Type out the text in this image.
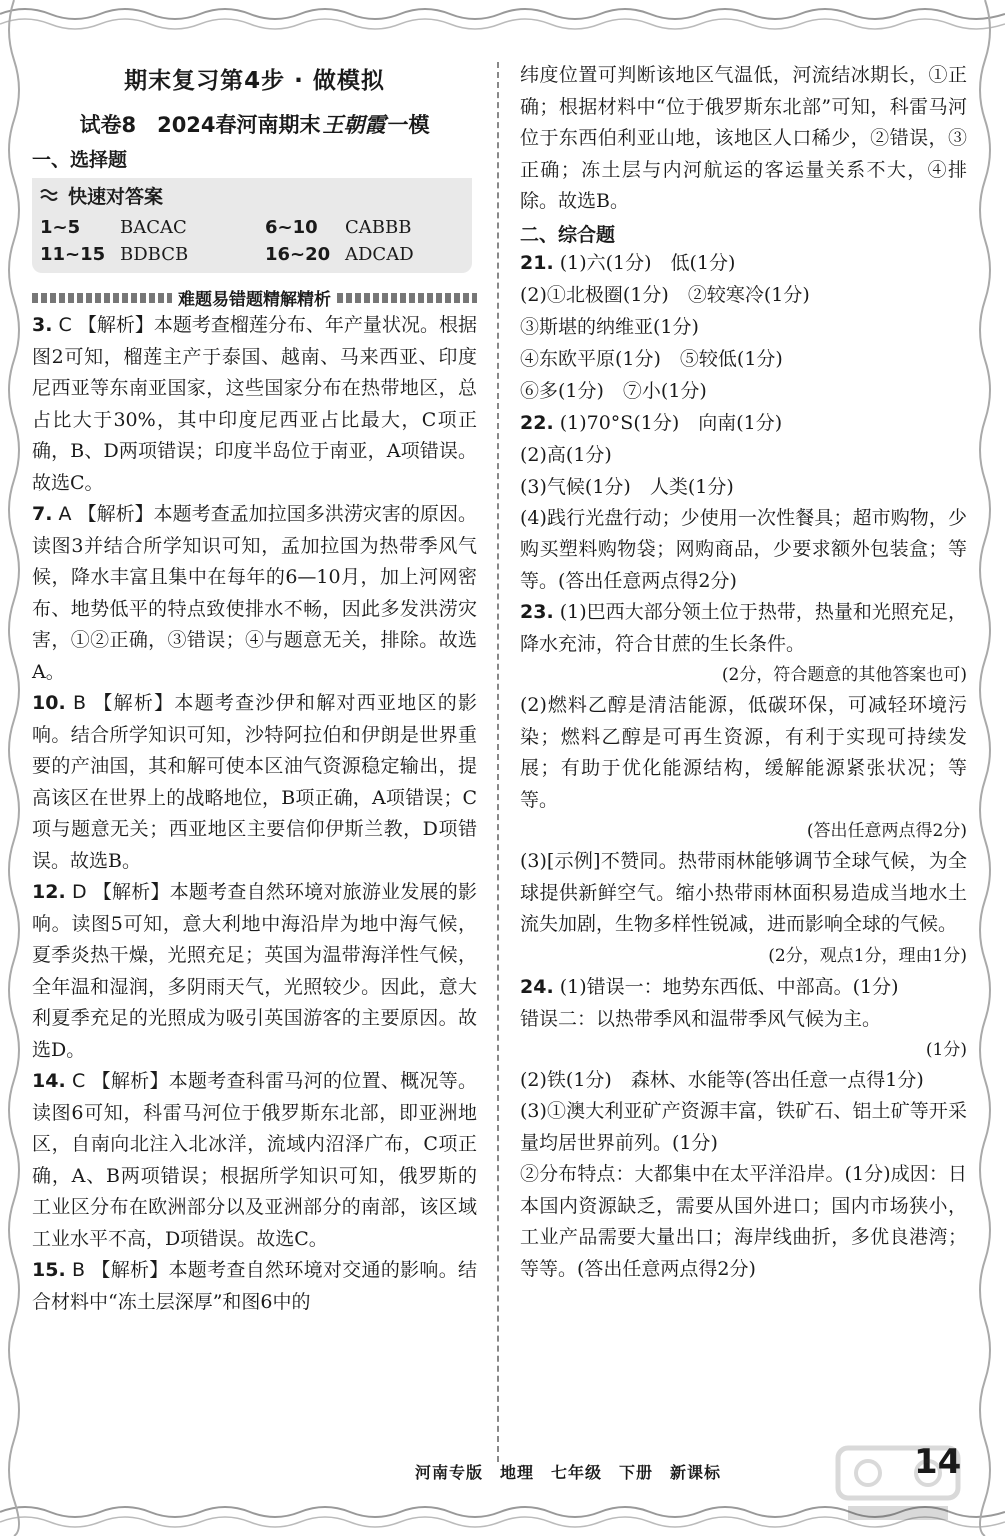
期末复习第4步 · 做模拟
试卷8　2024春河南期末王朝霞一模
一、选择题
快速对答案
1~5	BACAC	6~10	CABBB
11~15 BDBCB	16~20 ADCAD
难题易错题精解精析
3. C 【解析】本题考查榴莲分布、年产量状况。根据图2可知，榴莲主产于泰国、越南、马来西亚、印度尼西亚等东南亚国家，这些国家分布在热带地区，总占比大于30%，其中印度尼西亚占比最大，C项正确，B、D两项错误；印度半岛位于南亚，A项错误。故选C。
7. A 【解析】本题考查孟加拉国多洪涝灾害的原因。读图3并结合所学知识可知，孟加拉国为热带季风气候，降水丰富且集中在每年的6—10月，加上河网密布、地势低平的特点致使排水不畅，因此多发洪涝灾害，①②正确，③错误；④与题意无关，排除。故选A。
10. B 【解析】本题考查沙伊和解对西亚地区的影响。结合所学知识可知，沙特阿拉伯和伊朗是世界重要的产油国，其和解可使本区油气资源稳定输出，提高该区在世界上的战略地位，B项正确，A项错误；C项与题意无关；西亚地区主要信仰伊斯兰教，D项错误。故选B。
12. D 【解析】本题考查自然环境对旅游业发展的影响。读图5可知，意大利地中海沿岸为地中海气候，夏季炎热干燥，光照充足；英国为温带海洋性气候，全年温和湿润，多阴雨天气，光照较少。因此，意大利夏季充足的光照成为吸引英国游客的主要原因。故选D。
14. C 【解析】本题考查科雷马河的位置、概况等。读图6可知，科雷马河位于俄罗斯东北部，即亚洲地区，自南向北注入北冰洋，流域内沼泽广布，C项正确，A、B两项错误；根据所学知识可知，俄罗斯的工业区分布在欧洲部分以及亚洲部分的南部，该区域工业水平不高，D项错误。故选C。
15. B 【解析】本题考查自然环境对交通的影响。结合材料中“冻土层深厚”和图6中的
纬度位置可判断该地区气温低，河流结冰期长，①正确；根据材料中“位于俄罗斯东北部”可知，科雷马河位于东西伯利亚山地，该地区人口稀少，②错误，③正确；冻土层与内河航运的客运量关系不大，④排除。故选B。
二、综合题
21. (1)六(1分)　低(1分)
(2)①北极圈(1分)　②较寒冷(1分)
③斯堪的纳维亚(1分)
④东欧平原(1分)　⑤较低(1分)
⑥多(1分)　⑦小(1分)
22. (1)70°S(1分)　向南(1分)
(2)高(1分)
(3)气候(1分)　人类(1分)
(4)践行光盘行动；少使用一次性餐具；超市购物，少购买塑料购物袋；网购商品，少要求额外包装盒；等等。(答出任意两点得2分)
23. (1)巴西大部分领土位于热带，热量和光照充足，降水充沛，符合甘蔗的生长条件。
(2分，符合题意的其他答案也可)
(2)燃料乙醇是清洁能源，低碳环保，可减轻环境污染；燃料乙醇是可再生资源，有利于实现可持续发展；有助于优化能源结构，缓解能源紧张状况；等等。
(答出任意两点得2分)
(3)[示例]不赞同。热带雨林能够调节全球气候，为全球提供新鲜空气。缩小热带雨林面积易造成当地水土流失加剧，生物多样性锐减，进而影响全球的气候。
(2分，观点1分，理由1分)
24. (1)错误一：地势东西低、中部高。(1分)
错误二：以热带季风和温带季风气候为主。
(1分)
(2)铁(1分)　森林、水能等(答出任意一点得1分)
(3)①澳大利亚矿产资源丰富，铁矿石、铝土矿等开采量均居世界前列。(1分)
②分布特点：大都集中在太平洋沿岸。(1分)成因：日本国内资源缺乏，需要从国外进口；国内市场狭小，工业产品需要大量出口；海岸线曲折，多优良港湾；等等。(答出任意两点得2分)
河南专版　地理　七年级　下册　新课标	14
